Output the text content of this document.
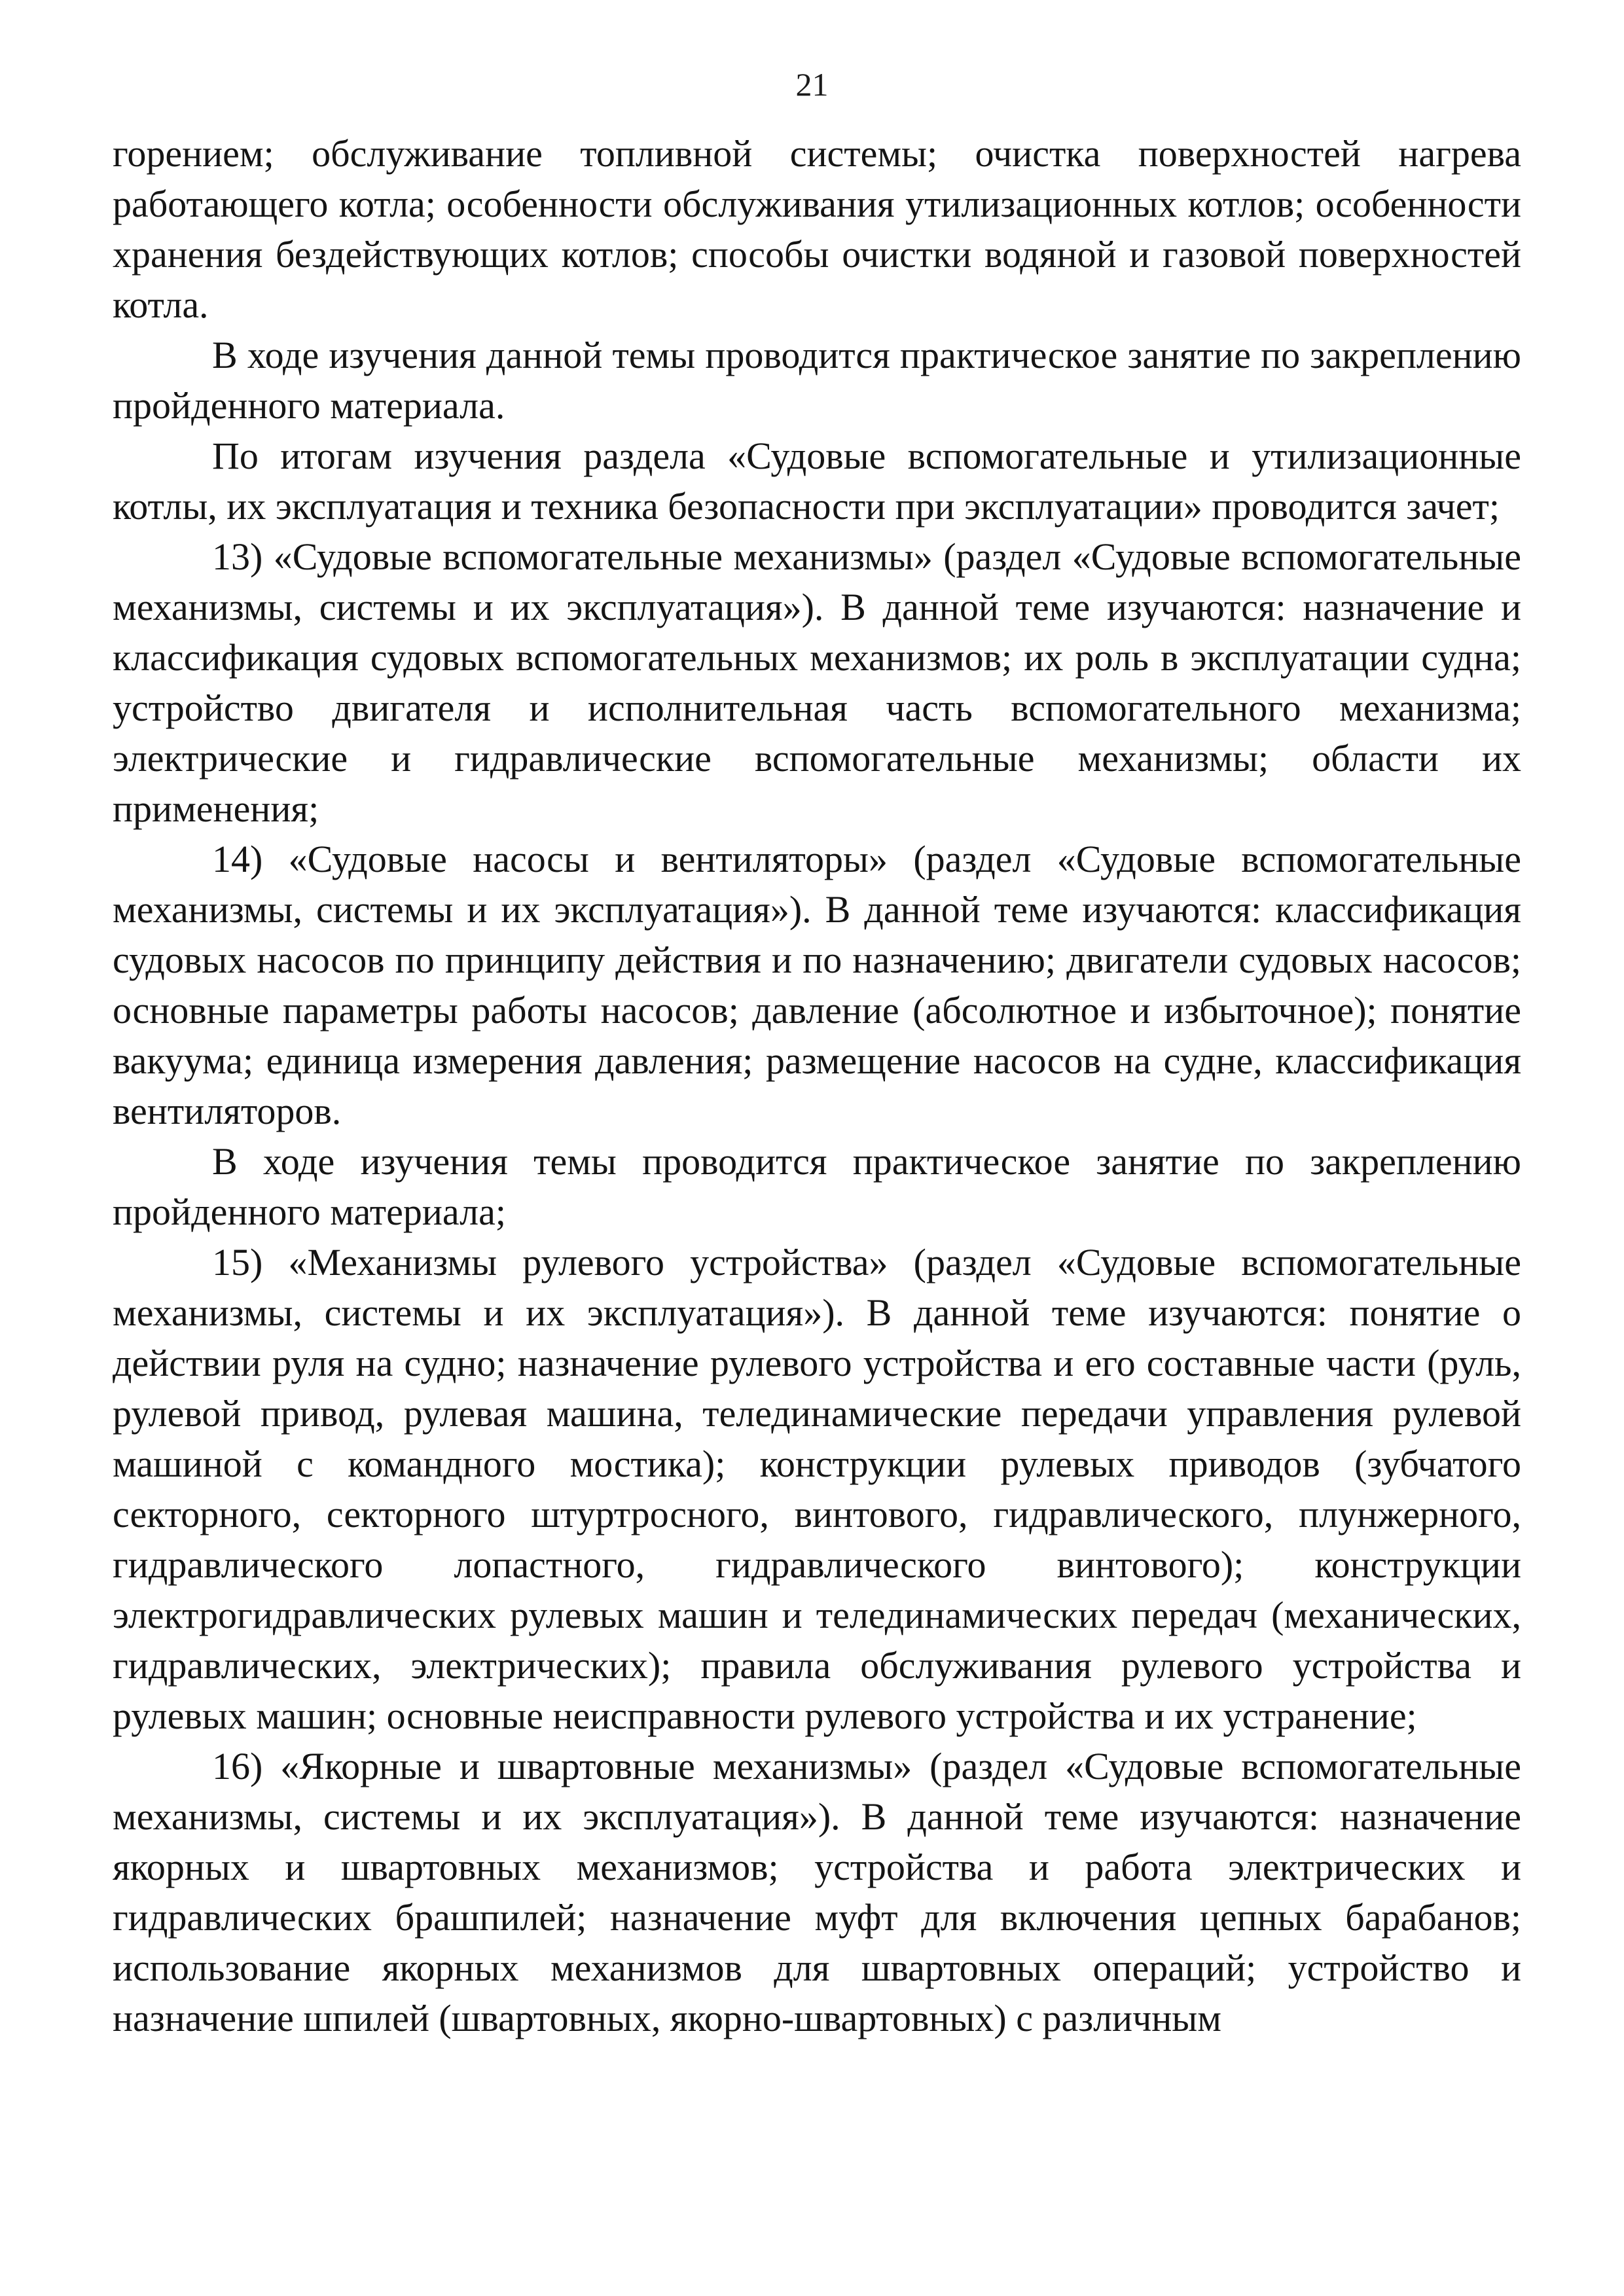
21

горением; обслуживание топливной системы; очистка поверхностей нагрева работающего котла; особенности обслуживания утилизационных котлов; особенности хранения бездействующих котлов; способы очистки водяной и газовой поверхностей котла.

В ходе изучения данной темы проводится практическое занятие по закреплению пройденного материала.

По итогам изучения раздела «Судовые вспомогательные и утилизационные котлы, их эксплуатация и техника безопасности при эксплуатации» проводится зачет;

13) «Судовые вспомогательные механизмы» (раздел «Судовые вспомогательные механизмы, системы и их эксплуатация»). В данной теме изучаются: назначение и классификация судовых вспомогательных механизмов; их роль в эксплуатации судна; устройство двигателя и исполнительная часть вспомогательного механизма; электрические и гидравлические вспомогательные механизмы; области их применения;

14) «Судовые насосы и вентиляторы» (раздел «Судовые вспомогательные механизмы, системы и их эксплуатация»). В данной теме изучаются: классификация судовых насосов по принципу действия и по назначению; двигатели судовых насосов; основные параметры работы насосов; давление (абсолютное и избыточное); понятие вакуума; единица измерения давления; размещение насосов на судне, классификация вентиляторов.

В ходе изучения темы проводится практическое занятие по закреплению пройденного материала;

15) «Механизмы рулевого устройства» (раздел «Судовые вспомогательные механизмы, системы и их эксплуатация»). В данной теме изучаются: понятие о действии руля на судно; назначение рулевого устройства и его составные части (руль, рулевой привод, рулевая машина, телединамические передачи управления рулевой машиной с командного мостика); конструкции рулевых приводов (зубчатого секторного, секторного штуртросного, винтового, гидравлического, плунжерного, гидравлического лопастного, гидравлического винтового); конструкции электрогидравлических рулевых машин и телединамических передач (механических, гидравлических, электрических); правила обслуживания рулевого устройства и рулевых машин; основные неисправности рулевого устройства и их устранение;

16) «Якорные и швартовные механизмы» (раздел «Судовые вспомогательные механизмы, системы и их эксплуатация»). В данной теме изучаются: назначение якорных и швартовных механизмов; устройства и работа электрических и гидравлических брашпилей; назначение муфт для включения цепных барабанов; использование якорных механизмов для швартовных операций; устройство и назначение шпилей (швартовных, якорно-швартовных) с различным
